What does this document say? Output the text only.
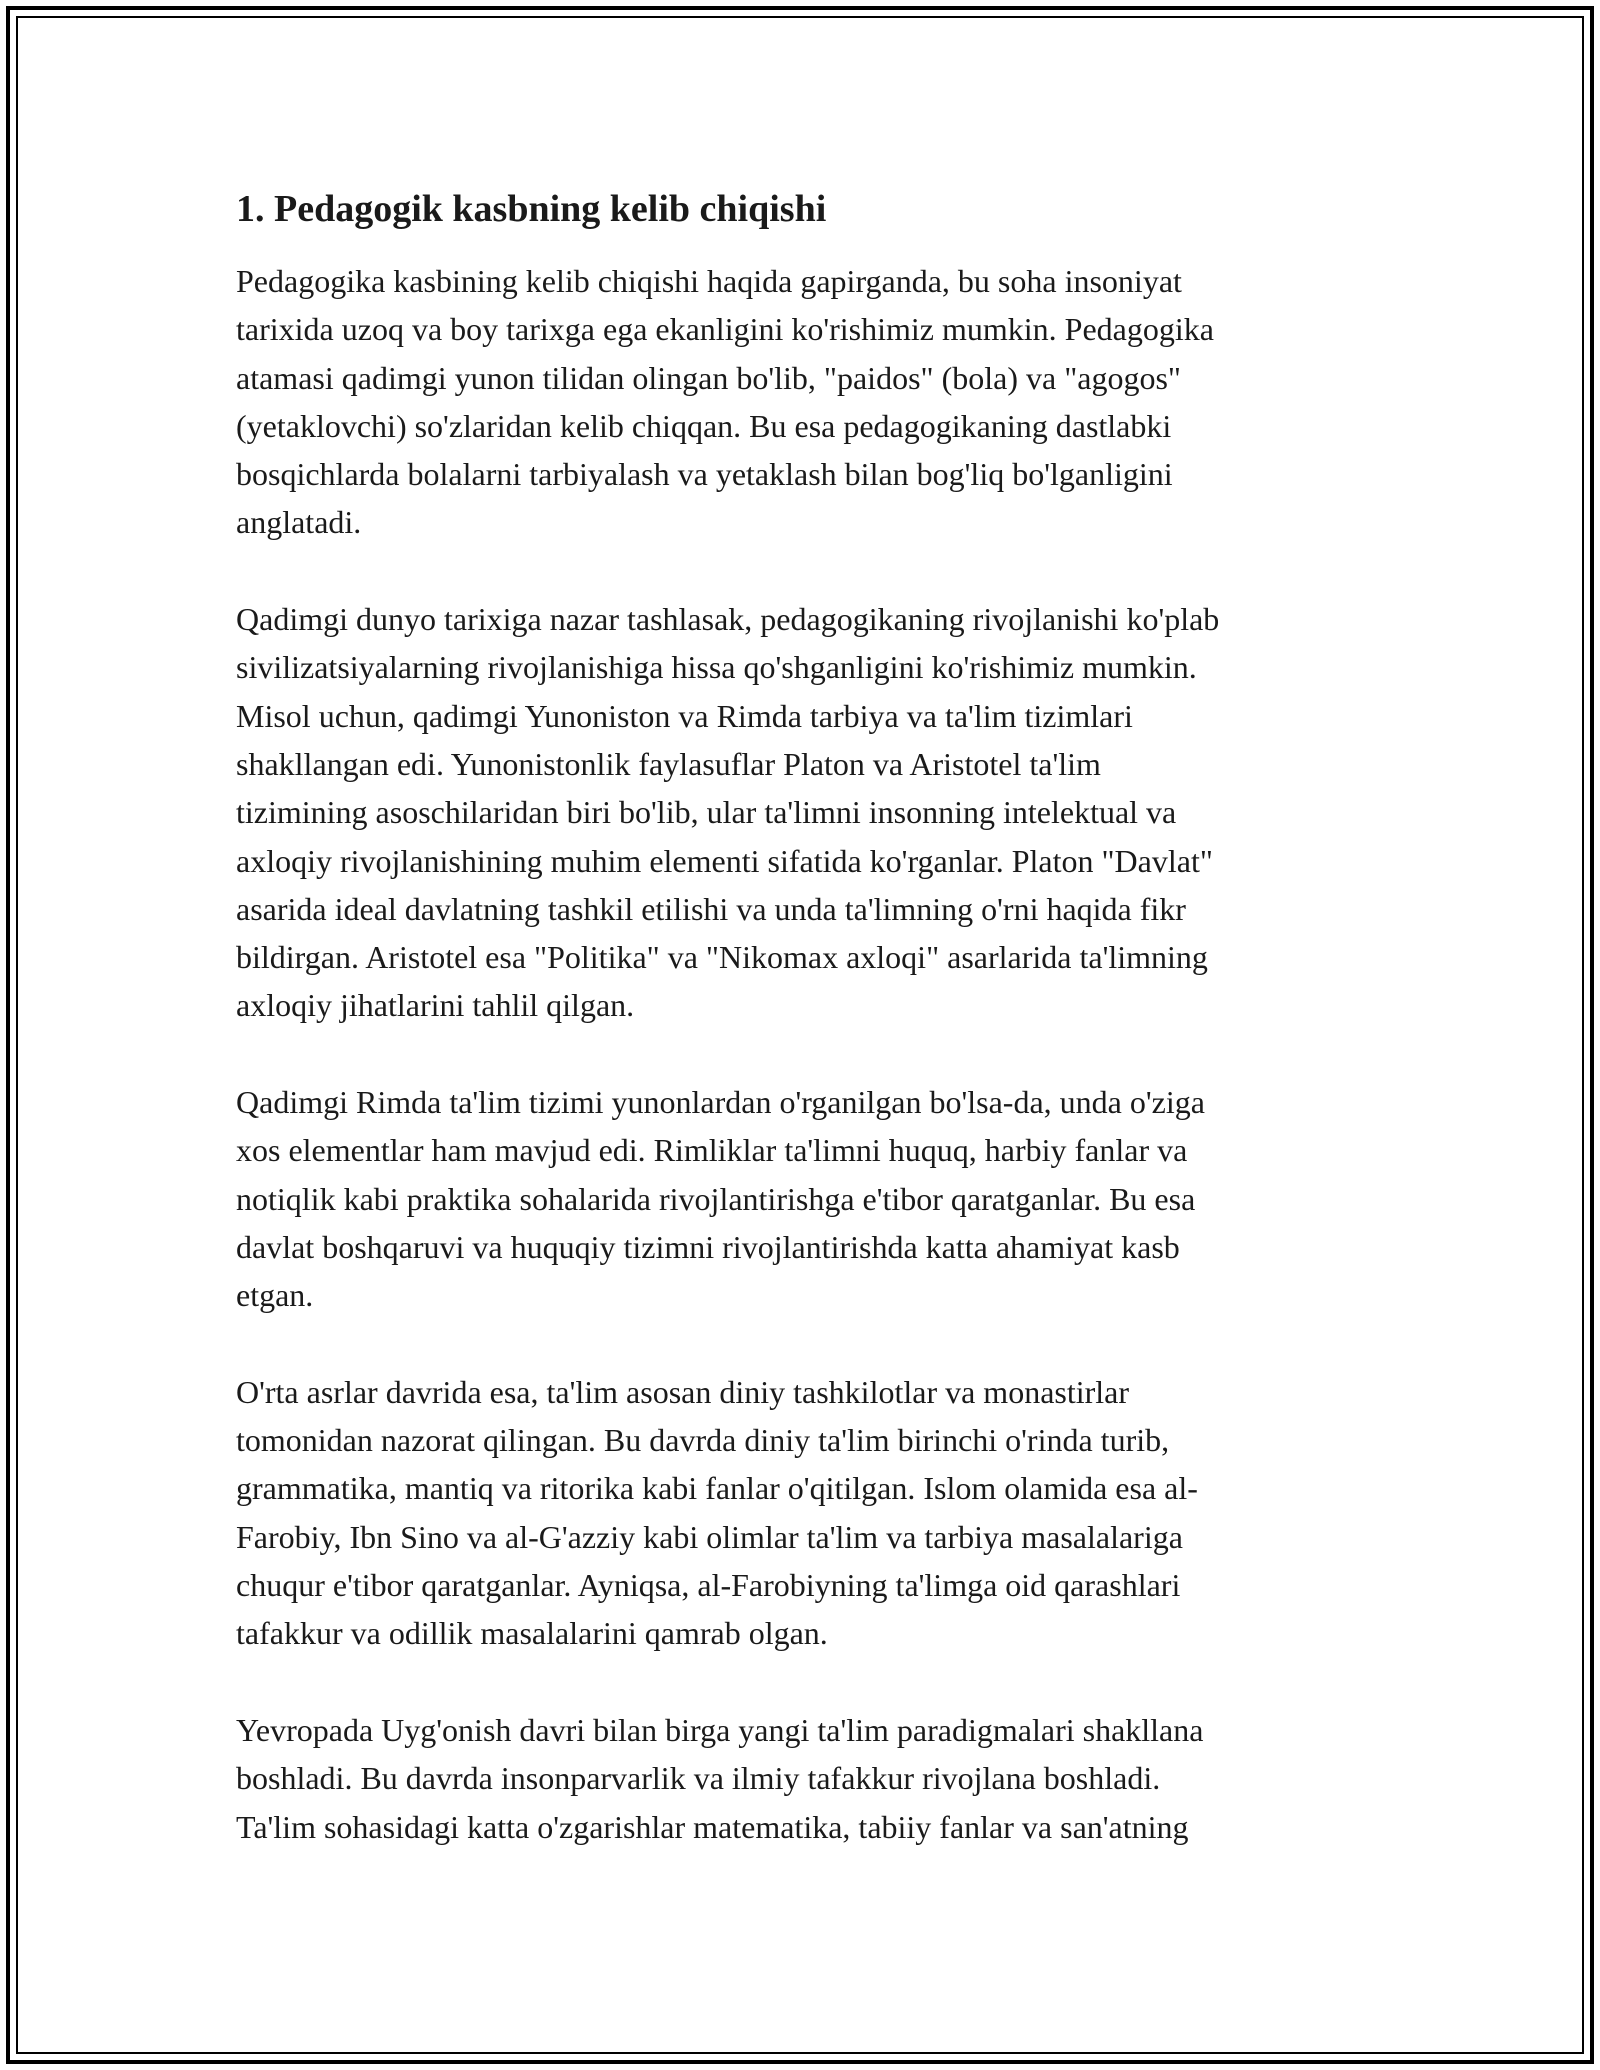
1. Pedagogik kasbning kelib chiqishi

Pedagogika kasbining kelib chiqishi haqida gapirganda, bu soha insoniyat
tarixida uzoq va boy tarixga ega ekanligini ko'rishimiz mumkin. Pedagogika
atamasi qadimgi yunon tilidan olingan bo'lib, "paidos" (bola) va "agogos"
(yetaklovchi) so'zlaridan kelib chiqqan. Bu esa pedagogikaning dastlabki
bosqichlarda bolalarni tarbiyalash va yetaklash bilan bog'liq bo'lganligini
anglatadi.

Qadimgi dunyo tarixiga nazar tashlasak, pedagogikaning rivojlanishi ko'plab
sivilizatsiyalarning rivojlanishiga hissa qo'shganligini ko'rishimiz mumkin.
Misol uchun, qadimgi Yunoniston va Rimda tarbiya va ta'lim tizimlari
shakllangan edi. Yunonistonlik faylasuflar Platon va Aristotel ta'lim
tizimining asoschilaridan biri bo'lib, ular ta'limni insonning intelektual va
axloqiy rivojlanishining muhim elementi sifatida ko'rganlar. Platon "Davlat"
asarida ideal davlatning tashkil etilishi va unda ta'limning o'rni haqida fikr
bildirgan. Aristotel esa "Politika" va "Nikomax axloqi" asarlarida ta'limning
axloqiy jihatlarini tahlil qilgan.

Qadimgi Rimda ta'lim tizimi yunonlardan o'rganilgan bo'lsa-da, unda o'ziga
xos elementlar ham mavjud edi. Rimliklar ta'limni huquq, harbiy fanlar va
notiqlik kabi praktika sohalarida rivojlantirishga e'tibor qaratganlar. Bu esa
davlat boshqaruvi va huquqiy tizimni rivojlantirishda katta ahamiyat kasb
etgan.

O'rta asrlar davrida esa, ta'lim asosan diniy tashkilotlar va monastirlar
tomonidan nazorat qilingan. Bu davrda diniy ta'lim birinchi o'rinda turib,
grammatika, mantiq va ritorika kabi fanlar o'qitilgan. Islom olamida esa al-
Farobiy, Ibn Sino va al-G'azziy kabi olimlar ta'lim va tarbiya masalalariga
chuqur e'tibor qaratganlar. Ayniqsa, al-Farobiyning ta'limga oid qarashlari
tafakkur va odillik masalalarini qamrab olgan.

Yevropada Uyg'onish davri bilan birga yangi ta'lim paradigmalari shakllana
boshladi. Bu davrda insonparvarlik va ilmiy tafakkur rivojlana boshladi.
Ta'lim sohasidagi katta o'zgarishlar matematika, tabiiy fanlar va san'atning
